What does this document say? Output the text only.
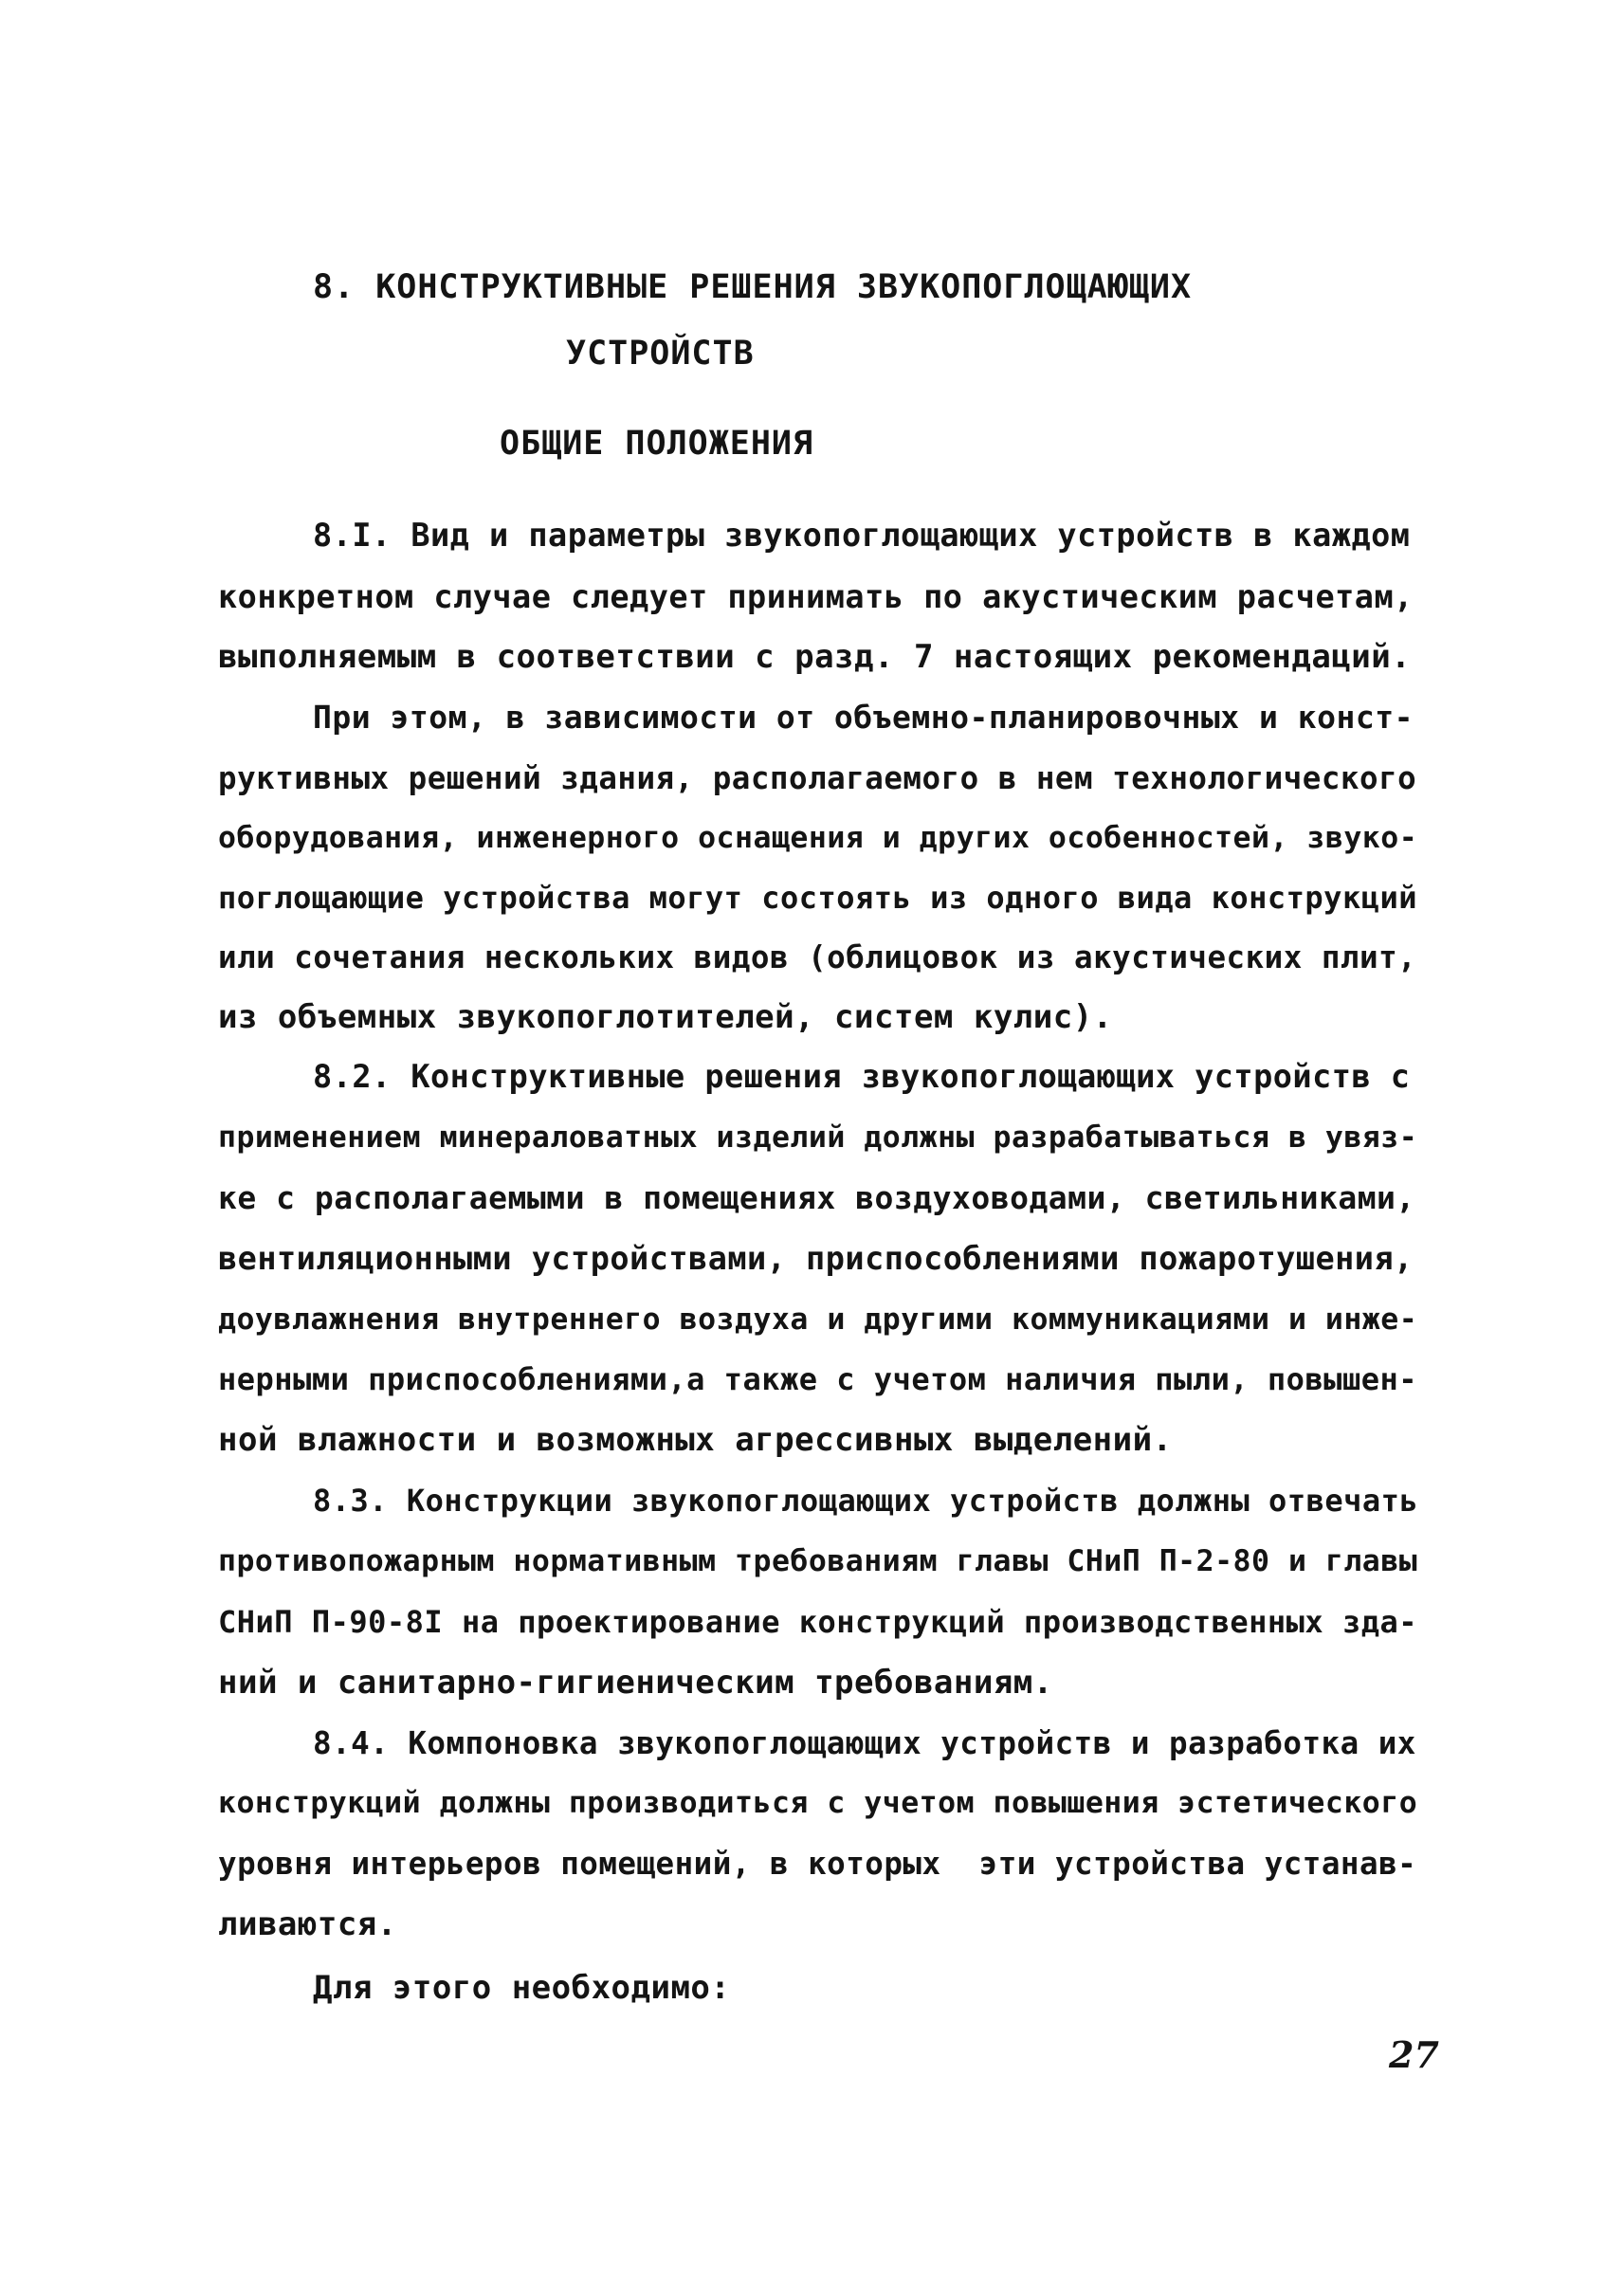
8. КОНСТРУКТИВНЫЕ РЕШЕНИЯ ЗВУКОПОГЛОЩАЮЩИХ
УСТРОЙСТВ
ОБЩИЕ ПОЛОЖЕНИЯ
8.I. Вид и параметры звукопоглощающих устройств в каждом
конкретном случае следует принимать по акустическим расчетам,
выполняемым в соответствии с разд. 7 настоящих рекомендаций.
При этом, в зависимости от объемно-планировочных и конст-
руктивных решений здания, располагаемого в нем технологического
оборудования, инженерного оснащения и других особенностей, звуко-
поглощающие устройства могут состоять из одного вида конструкций
или сочетания нескольких видов (облицовок из акустических плит,
из объемных звукопоглотителей, систем кулис).
8.2. Конструктивные решения звукопоглощающих устройств с
применением минераловатных изделий должны разрабатываться в увяз-
ке с располагаемыми в помещениях воздуховодами, светильниками,
вентиляционными устройствами, приспособлениями пожаротушения,
доувлажнения внутреннего воздуха и другими коммуникациями и инже-
нерными приспособлениями,а также с учетом наличия пыли, повышен-
ной влажности и возможных агрессивных выделений.
8.3. Конструкции звукопоглощающих устройств должны отвечать
противопожарным нормативным требованиям главы СНиП П-2-80 и главы
СНиП П-90-8I на проектирование конструкций производственных зда-
ний и санитарно-гигиеническим требованиям.
8.4. Компоновка звукопоглощающих устройств и разработка их
конструкций должны производиться с учетом повышения эстетического
уровня интерьеров помещений, в которых  эти устройства устанав-
ливаются.
Для этого необходимо:
27
